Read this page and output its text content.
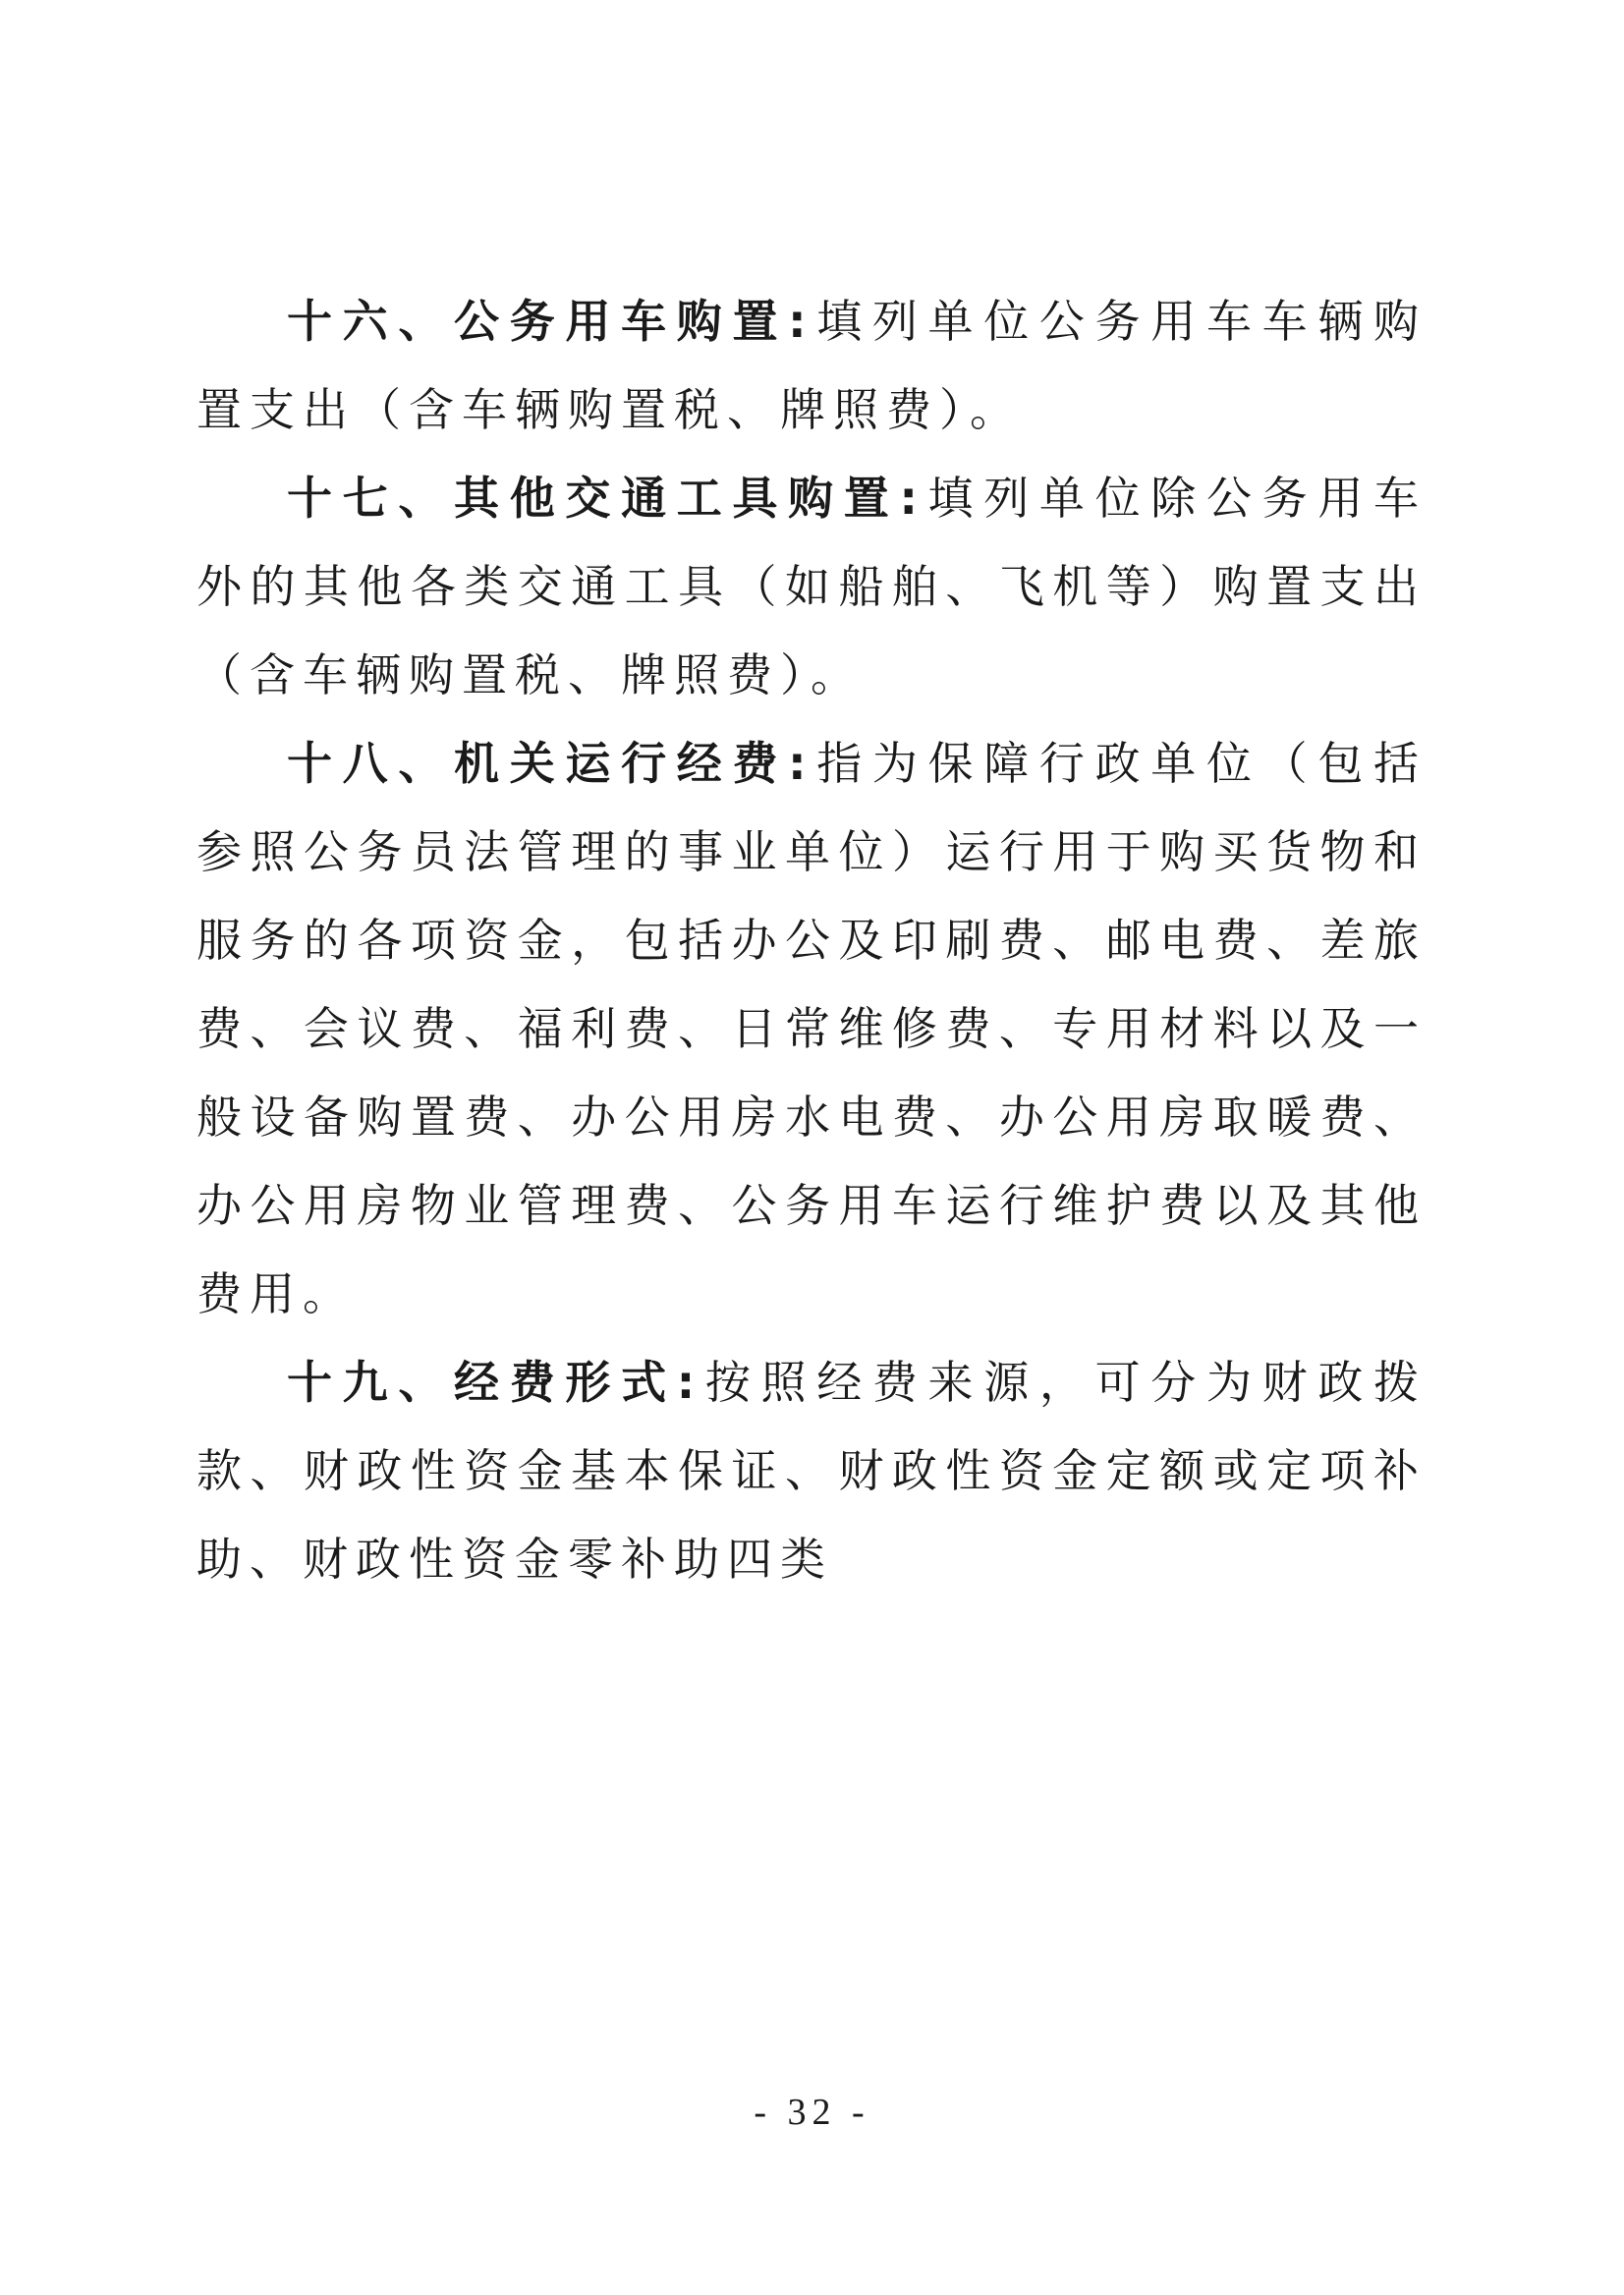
十六、公务用车购置:填列单位公务用车车辆购置支出（含车辆购置税、牌照费）。

十七、其他交通工具购置:填列单位除公务用车外的其他各类交通工具（如船舶、飞机等）购置支出（含车辆购置税、牌照费）。

十八、机关运行经费:指为保障行政单位（包括参照公务员法管理的事业单位）运行用于购买货物和服务的各项资金，包括办公及印刷费、邮电费、差旅费、会议费、福利费、日常维修费、专用材料以及一般设备购置费、办公用房水电费、办公用房取暖费、办公用房物业管理费、公务用车运行维护费以及其他费用。

十九、经费形式:按照经费来源，可分为财政拨款、财政性资金基本保证、财政性资金定额或定项补助、财政性资金零补助四类

- 32 -
